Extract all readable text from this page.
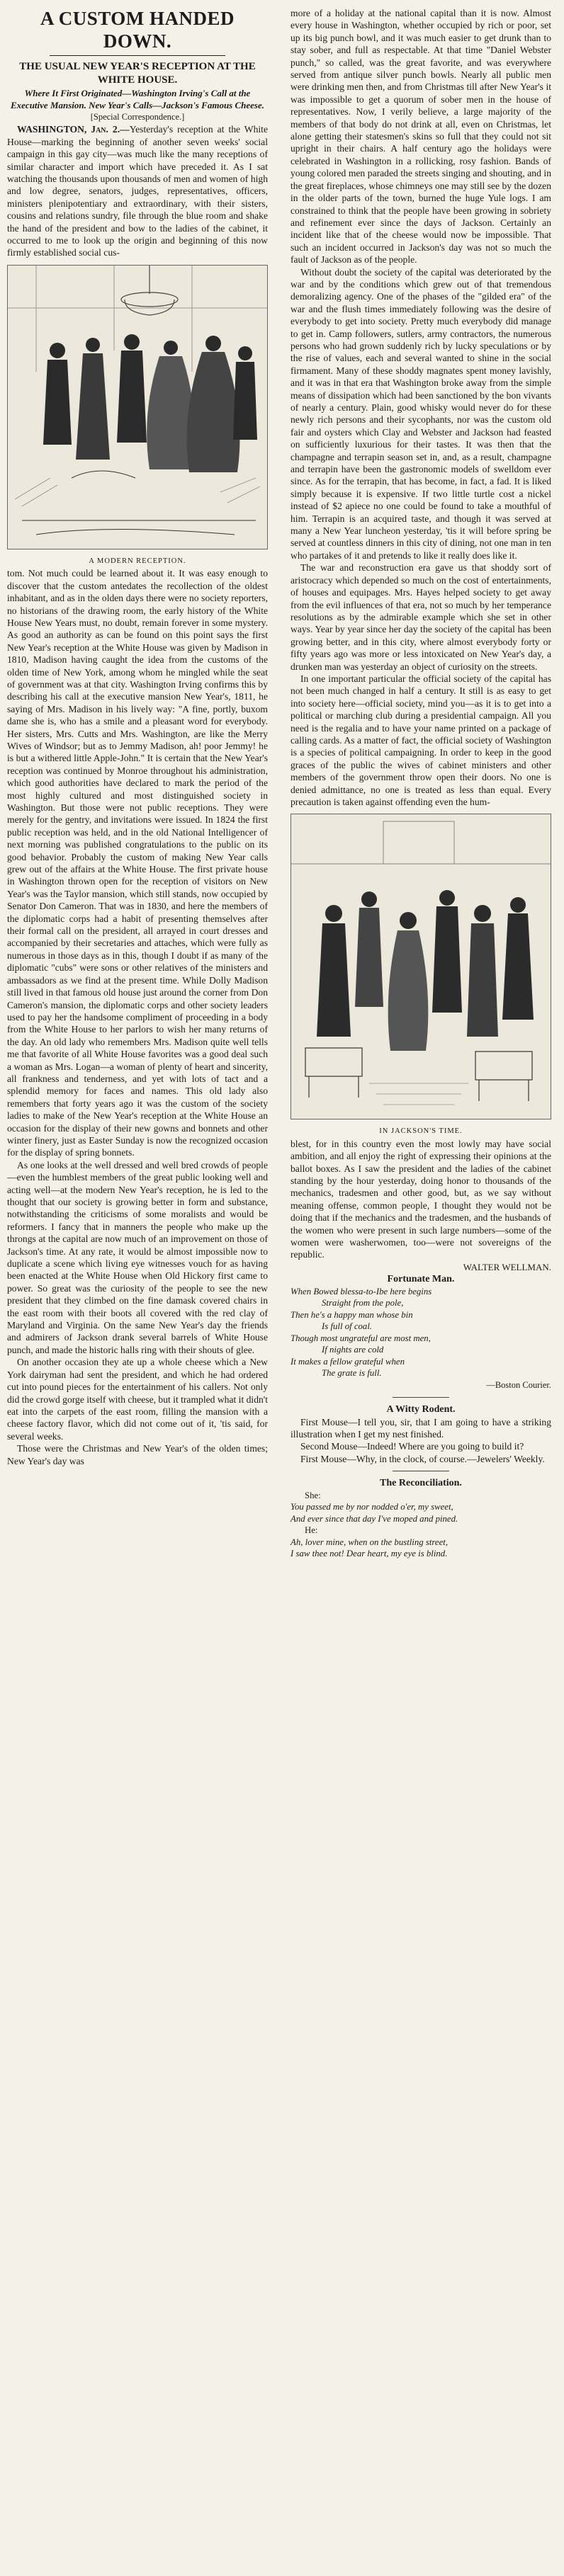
A CUSTOM HANDED DOWN.

THE USUAL NEW YEAR'S RECEPTION AT THE WHITE HOUSE.

Where It First Originated—Washington Irving's Call at the Executive Mansion. New Year's Calls—Jackson's Famous Cheese.

[Special Correspondence.]

WASHINGTON, Jan. 2.—Yesterday's reception at the White House—marking the beginning of another seven weeks' social campaign in this gay city—was much like the many receptions of similar character and import which have preceded it. As I sat watching the thousands upon thousands of men and women of high and low degree, senators, judges, representatives, officers, ministers plenipotentiary and extraordinary, with their sisters, cousins and relations sundry, file through the blue room and shake the hand of the president and bow to the ladies of the cabinet, it occurred to me to look up the origin and beginning of this now firmly established social cus-

A MODERN RECEPTION.

tom. Not much could be learned about it. It was easy enough to discover that the custom antedates the recollection of the oldest inhabitant, and as in the olden days there were no society reporters, no historians of the drawing room, the early history of the White House New Years must, no doubt, remain forever in some mystery. As good an authority as can be found on this point says the first New Year's reception at the White House was given by Madison in 1810, Madison having caught the idea from the customs of the olden time of New York, among whom he mingled while the seat of government was at that city. Washington Irving confirms this by describing his call at the executive mansion New Year's, 1811, he saying of Mrs. Madison in his lively way: "A fine, portly, buxom dame she is, who has a smile and a pleasant word for everybody. Her sisters, Mrs. Cutts and Mrs. Washington, are like the Merry Wives of Windsor; but as to Jemmy Madison, ah! poor Jemmy! he is but a withered little Apple-John." It is certain that the New Year's reception was continued by Monroe throughout his administration, which good authorities have declared to mark the period of the most highly cultured and most distinguished society in Washington. But those were not public receptions. They were merely for the gentry, and invitations were issued. In 1824 the first public reception was held, and in the old National Intelligencer of next morning was published congratulations to the public on its good behavior. Probably the custom of making New Year calls grew out of the affairs at the White House. The first private house in Washington thrown open for the reception of visitors on New Year's was the Taylor mansion, which still stands, now occupied by Senator Don Cameron. That was in 1830, and here the members of the diplomatic corps had a habit of presenting themselves after their formal call on the president, all arrayed in court dresses and accompanied by their secretaries and attaches, which were fully as numerous in those days as in this, though I doubt if as many of the diplomatic "cubs" were sons or other relatives of the ministers and ambassadors as we find at the present time. While Dolly Madison still lived in that famous old house just around the corner from Don Cameron's mansion, the diplomatic corps and other society leaders used to pay her the handsome compliment of proceeding in a body from the White House to her parlors to wish her many returns of the day. An old lady who remembers Mrs. Madison quite well tells me that favorite of all White House favorites was a good deal such a woman as Mrs. Logan—a woman of plenty of heart and sincerity, all frankness and tenderness, and yet with lots of tact and a splendid memory for faces and names. This old lady also remembers that forty years ago it was the custom of the society ladies to make of the New Year's reception at the White House an occasion for the display of their new gowns and bonnets and other winter finery, just as Easter Sunday is now the recognized occasion for the display of spring bonnets.

As one looks at the well dressed and well bred crowds of people—even the humblest members of the great public looking well and acting well—at the modern New Year's reception, he is led to the thought that our society is growing better in form and substance, notwithstanding the criticisms of some moralists and would be reformers. I fancy that in manners the people who make up the throngs at the capital are now much of an improvement on those of Jackson's time. At any rate, it would be almost impossible now to duplicate a scene which living eye witnesses vouch for as having been enacted at the White House when Old Hickory first came to power. So great was the curiosity of the people to see the new president that they climbed on the fine damask covered chairs in the east room with their boots all covered with the red clay of Maryland and Virginia. On the same New Year's day the friends and admirers of Jackson drank several barrels of White House punch, and made the historic halls ring with their shouts of glee.

On another occasion they ate up a whole cheese which a New York dairyman had sent the president, and which he had ordered cut into pound pieces for the entertainment of his callers. Not only did the crowd gorge itself with cheese, but it trampled what it didn't eat into the carpets of the east room, filling the mansion with a cheese factory flavor, which did not come out of it, 'tis said, for several weeks.

Those were the Christmas and New Year's of the olden times; New Year's day was

more of a holiday at the national capital than it is now. Almost every house in Washington, whether occupied by rich or poor, set up its big punch bowl, and it was much easier to get drunk than to stay sober, and full as respectable. At that time "Daniel Webster punch," so called, was the great favorite, and was everywhere served from antique silver punch bowls. Nearly all public men were drinking men then, and from Christmas till after New Year's it was impossible to get a quorum of sober men in the house of representatives. Now, I verily believe, a large majority of the members of that body do not drink at all, even on Christmas, let alone getting their statesmen's skins so full that they could not sit upright in their chairs. A half century ago the holidays were celebrated in Washington in a rollicking, rosy fashion. Bands of young colored men paraded the streets singing and shouting, and in the great fireplaces, whose chimneys one may still see by the dozen in the older parts of the town, burned the huge Yule logs. I am constrained to think that the people have been growing in sobriety and refinement ever since the days of Jackson. Certainly an incident like that of the cheese would now be impossible. That such an incident occurred in Jackson's day was not so much the fault of Jackson as of the people.

Without doubt the society of the capital was deteriorated by the war and by the conditions which grew out of that tremendous demoralizing agency. One of the phases of the "gilded era" of the war and the flush times immediately following was the desire of everybody to get into society. Pretty much everybody did manage to get in. Camp followers, sutlers, army contractors, the numerous persons who had grown suddenly rich by lucky speculations or by the rise of values, each and several wanted to shine in the social firmament. Many of these shoddy magnates spent money lavishly, and it was in that era that Washington broke away from the simple means of dissipation which had been sanctioned by the bon vivants of nearly a century. Plain, good whisky would never do for these newly rich persons and their sycophants, nor was the custom old fair and oysters which Clay and Webster and Jackson had feasted on sufficiently luxurious for their tastes. It was then that the champagne and terrapin season set in, and, as a result, champagne and terrapin have been the gastronomic models of swelldom ever since. As for the terrapin, that has become, in fact, a fad. It is liked simply because it is expensive. If two little turtle cost a nickel instead of $2 apiece no one could be found to take a mouthful of him. Terrapin is an acquired taste, and though it was served at many a New Year luncheon yesterday, 'tis it will before spring be served at countless dinners in this city of dining, not one man in ten who partakes of it and pretends to like it really does like it.

The war and reconstruction era gave us that shoddy sort of aristocracy which depended so much on the cost of entertainments, of houses and equipages. Mrs. Hayes helped society to get away from the evil influences of that era, not so much by her temperance resolutions as by the admirable example which she set in other ways. Year by year since her day the society of the capital has been growing better, and in this city, where almost everybody forty or fifty years ago was more or less intoxicated on New Year's day, a drunken man was yesterday an object of curiosity on the streets.

In one important particular the official society of the capital has not been much changed in half a century. It still is as easy to get into society here—official society, mind you—as it is to get into a political or marching club during a presidential campaign. All you need is the regalia and to have your name printed on a package of calling cards. As a matter of fact, the official society of Washington is a species of political campaigning. In order to keep in the good graces of the public the wives of cabinet ministers and other members of the government throw open their doors. No one is denied admittance, no one is treated as less than equal. Every precaution is taken against offending even the hum-

IN JACKSON'S TIME.

blest, for in this country even the most lowly may have social ambition, and all enjoy the right of expressing their opinions at the ballot boxes. As I saw the president and the ladies of the cabinet standing by the hour yesterday, doing honor to thousands of the mechanics, tradesmen and other good, but, as we say without meaning offense, common people, I thought they would not be doing that if the mechanics and the tradesmen, and the husbands of the women who were present in such large numbers—some of the women were washerwomen, too—were not sovereigns of the republic.

WALTER WELLMAN.

Fortunate Man.

When Bowed blessa-to-Ibe here begins

Straight from the pole,

Then he's a happy man whose bin

Is full of coal.

Though most ungrateful are most men,

If nights are cold

It makes a fellow grateful when

The grate is full.

—Boston Courier.

A Witty Rodent.

First Mouse—I tell you, sir, that I am going to have a striking illustration when I get my nest finished.

Second Mouse—Indeed! Where are you going to build it?

First Mouse—Why, in the clock, of course.—Jewelers' Weekly.

The Reconciliation.

She:

You passed me by nor nodded o'er, my sweet,

And ever since that day I've moped and pined.

He:

Ah, lover mine, when on the bustling street,

I saw thee not! Dear heart, my eye is blind.
